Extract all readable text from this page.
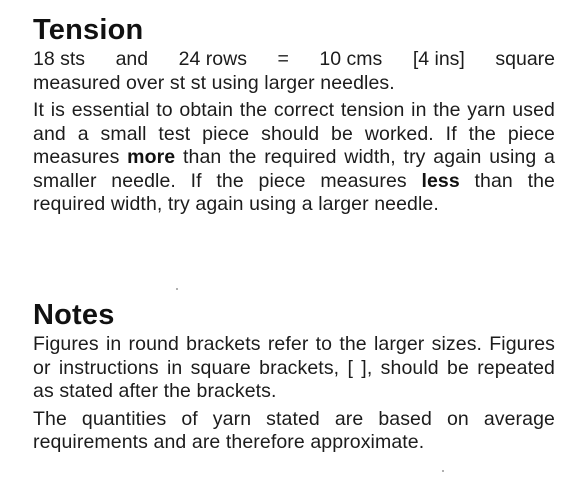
Tension
18 sts and 24 rows = 10 cms [4 ins] square

measured over st st using larger needles.

It is essential to obtain the correct tension in the yarn used and a small test piece should be worked. If the piece measures more than the required width, try again using a smaller needle. If the piece measures less than the required width, try again using a larger needle.

Notes

Figures in round brackets refer to the larger sizes. Figures or instructions in square brackets, [ ], should be repeated as stated after the brackets.

The quantities of yarn stated are based on average requirements and are therefore approximate.
